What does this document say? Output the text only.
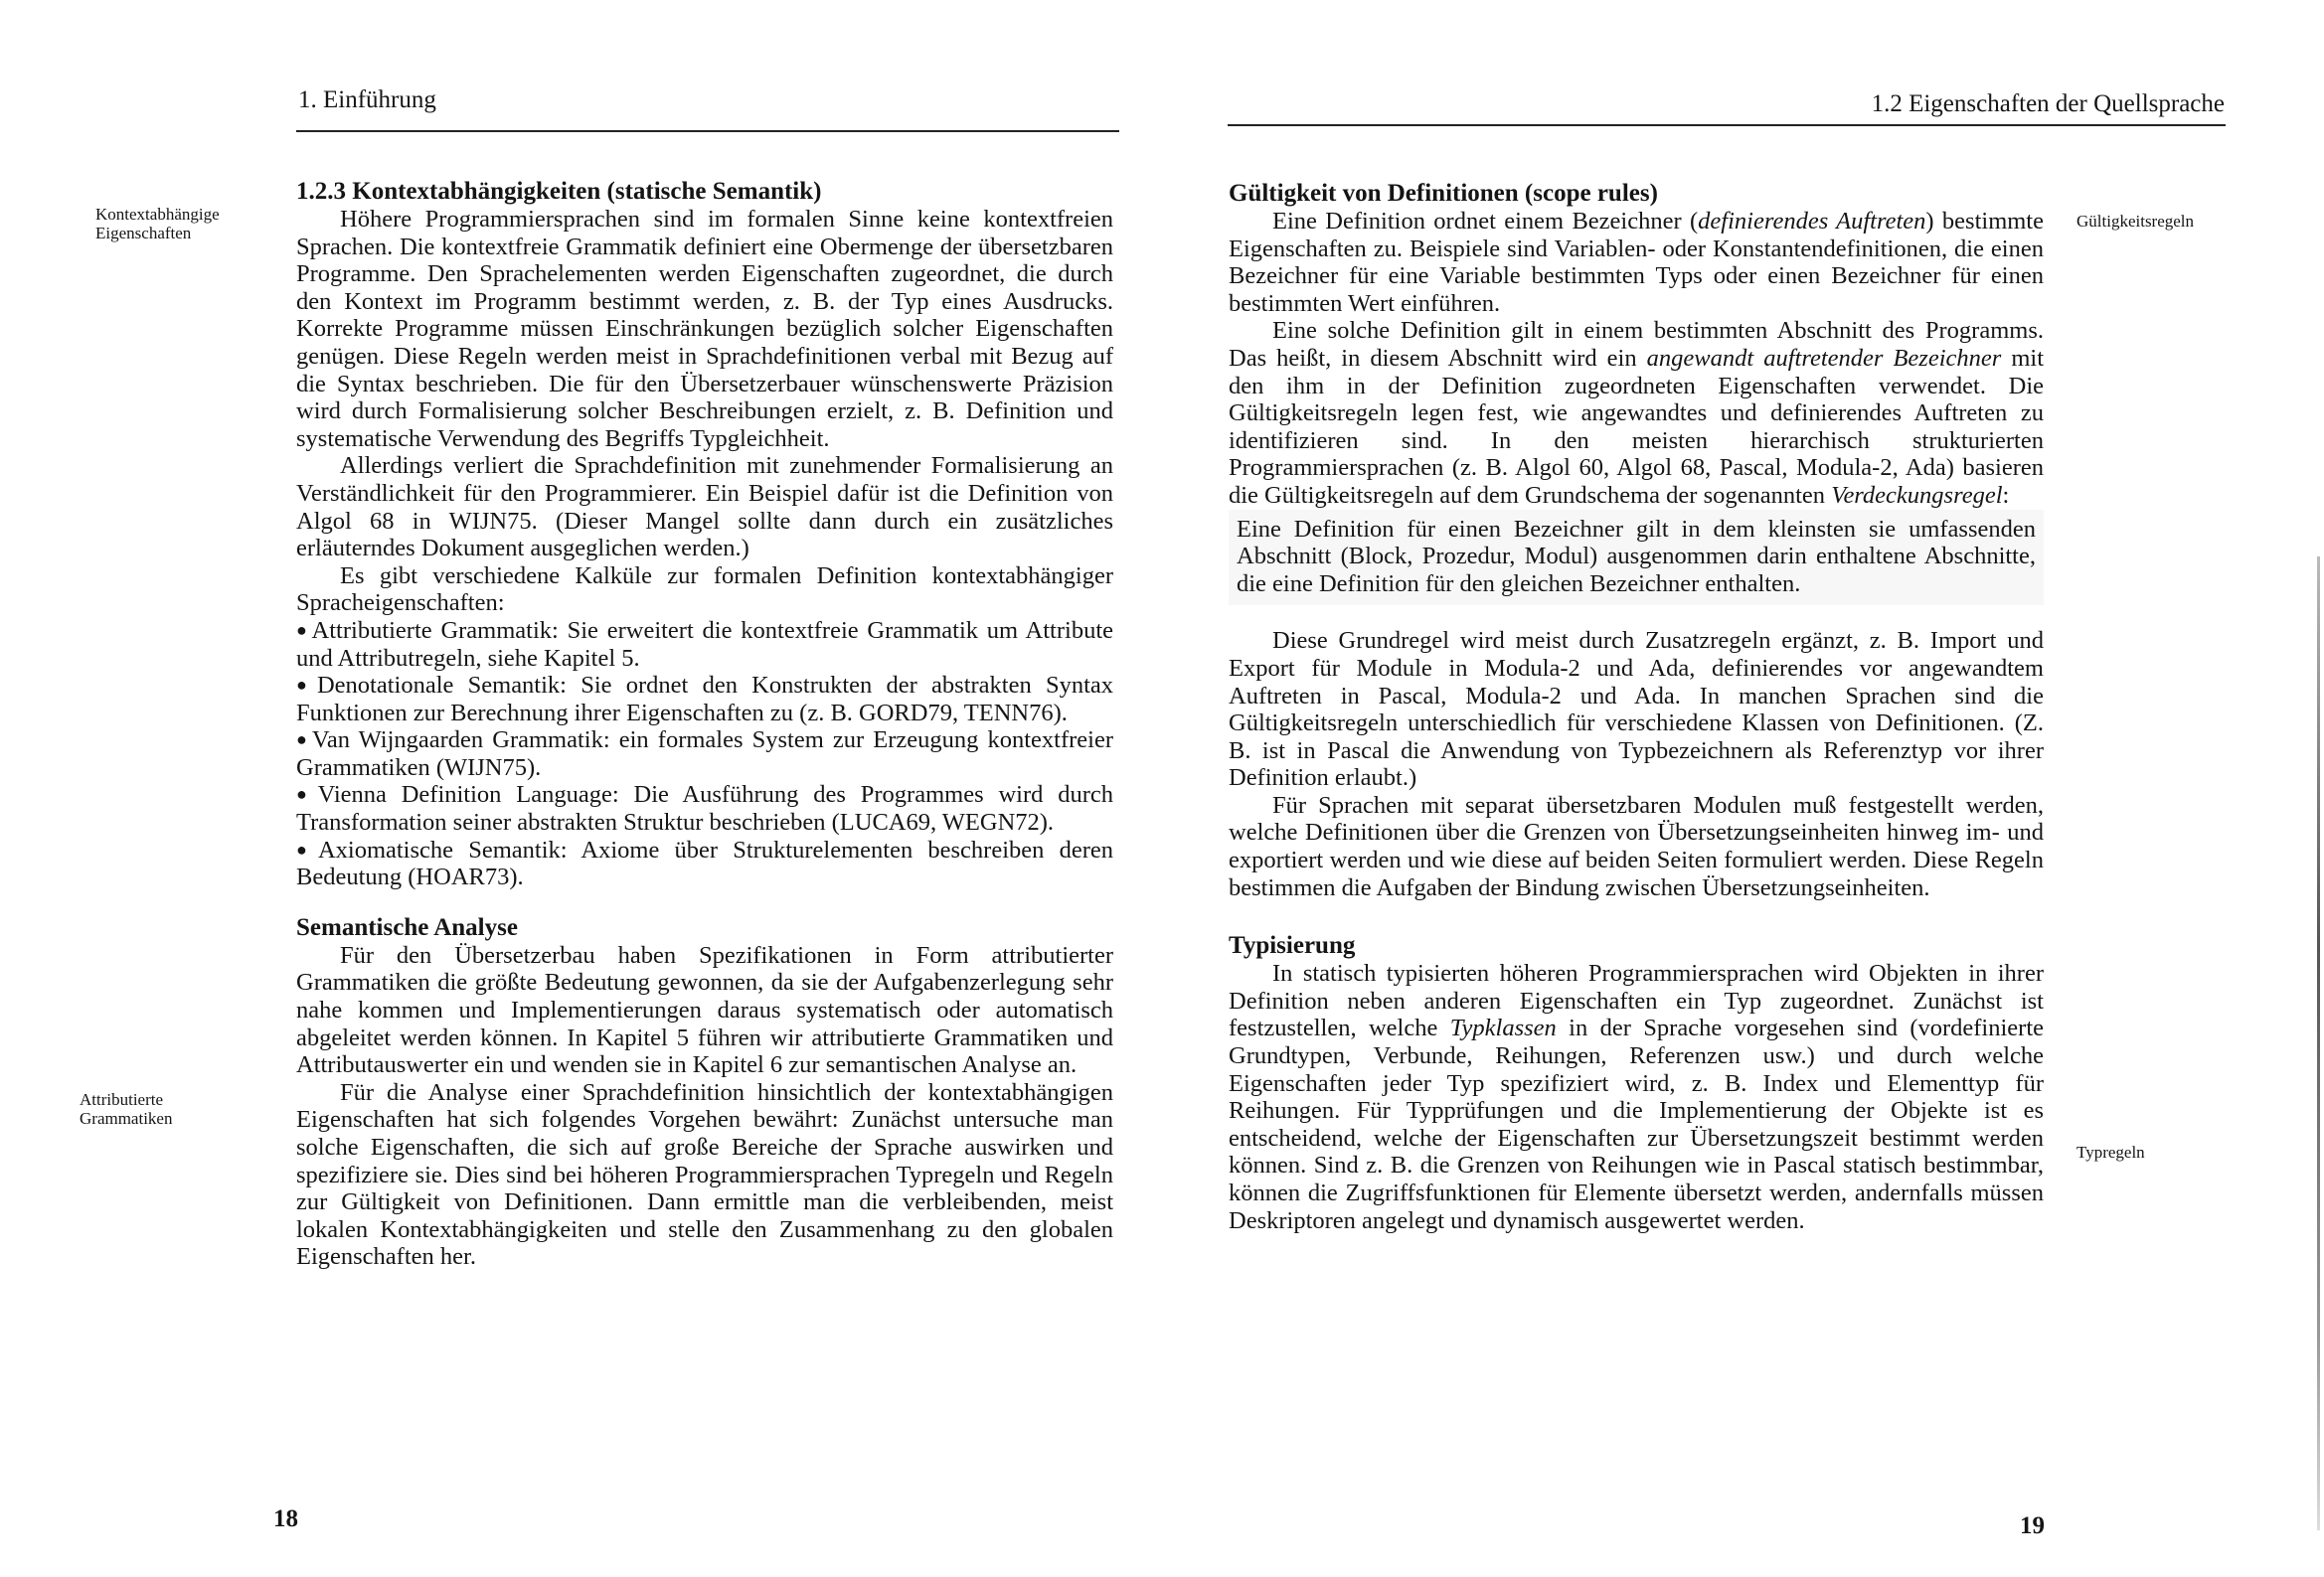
1. Einführung
Kontextabhängige Eigenschaften
Attributierte Grammatiken
1.2.3 Kontextabhängigkeiten (statische Semantik)

Höhere Programmiersprachen sind im formalen Sinne keine kontextfreien Sprachen. Die kontextfreie Grammatik definiert eine Obermenge der übersetzbaren Programme. Den Sprachelementen werden Eigenschaften zugeordnet, die durch den Kontext im Programm bestimmt werden, z. B. der Typ eines Ausdrucks. Korrekte Programme müssen Einschränkungen bezüglich solcher Eigenschaften genügen. Diese Regeln werden meist in Sprachdefinitionen verbal mit Bezug auf die Syntax beschrieben. Die für den Übersetzerbauer wünschenswerte Präzision wird durch Formalisierung solcher Beschreibungen erzielt, z. B. Definition und systematische Verwendung des Begriffs Typgleichheit.

Allerdings verliert die Sprachdefinition mit zunehmender Formalisierung an Verständlichkeit für den Programmierer. Ein Beispiel dafür ist die Definition von Algol 68 in WIJN75. (Dieser Mangel sollte dann durch ein zusätzliches erläuterndes Dokument ausgeglichen werden.)

Es gibt verschiedene Kalküle zur formalen Definition kontextabhängiger Spracheigenschaften:

●Attributierte Grammatik: Sie erweitert die kontextfreie Grammatik um Attribute und Attributregeln, siehe Kapitel 5.

●Denotationale Semantik: Sie ordnet den Konstrukten der abstrakten Syntax Funktionen zur Berechnung ihrer Eigenschaften zu (z. B. GORD79, TENN76).

●Van Wijngaarden Grammatik: ein formales System zur Erzeugung kontextfreier Grammatiken (WIJN75).

●Vienna Definition Language: Die Ausführung des Programmes wird durch Transformation seiner abstrakten Struktur beschrieben (LUCA69, WEGN72).

●Axiomatische Semantik: Axiome über Strukturelementen beschreiben deren Bedeutung (HOAR73).

Semantische Analyse

Für den Übersetzerbau haben Spezifikationen in Form attributierter Grammatiken die größte Bedeutung gewonnen, da sie der Aufgabenzerlegung sehr nahe kommen und Implementierungen daraus systematisch oder automatisch abgeleitet werden können. In Kapitel 5 führen wir attributierte Grammatiken und Attributauswerter ein und wenden sie in Kapitel 6 zur semantischen Analyse an.

Für die Analyse einer Sprachdefinition hinsichtlich der kontextabhängigen Eigenschaften hat sich folgendes Vorgehen bewährt: Zunächst untersuche man solche Eigenschaften, die sich auf große Bereiche der Sprache auswirken und spezifiziere sie. Dies sind bei höheren Programmiersprachen Typregeln und Regeln zur Gültigkeit von Definitionen. Dann ermittle man die verbleibenden, meist lokalen Kontextabhängigkeiten und stelle den Zusammenhang zu den globalen Eigenschaften her.

18
1.2 Eigenschaften der Quellsprache
Gültigkeitsregeln
Typregeln
Gültigkeit von Definitionen (scope rules)

Eine Definition ordnet einem Bezeichner (definierendes Auftreten) bestimmte Eigenschaften zu. Beispiele sind Variablen- oder Konstantendefinitionen, die einen Bezeichner für eine Variable bestimmten Typs oder einen Bezeichner für einen bestimmten Wert einführen.

Eine solche Definition gilt in einem bestimmten Abschnitt des Programms. Das heißt, in diesem Abschnitt wird ein angewandt auftretender Bezeichner mit den ihm in der Definition zugeordneten Eigenschaften verwendet. Die Gültigkeitsregeln legen fest, wie angewandtes und definierendes Auftreten zu identifizieren sind. In den meisten hierarchisch strukturierten Programmiersprachen (z. B. Algol 60, Algol 68, Pascal, Modula-2, Ada) basieren die Gültigkeitsregeln auf dem Grundschema der sogenannten Verdeckungsregel:

Eine Definition für einen Bezeichner gilt in dem kleinsten sie umfassenden Abschnitt (Block, Prozedur, Modul) ausgenommen darin enthaltene Abschnitte, die eine Definition für den gleichen Bezeichner enthalten.

Diese Grundregel wird meist durch Zusatzregeln ergänzt, z. B. Import und Export für Module in Modula-2 und Ada, definierendes vor angewandtem Auftreten in Pascal, Modula-2 und Ada. In manchen Sprachen sind die Gültigkeitsregeln unterschiedlich für verschiedene Klassen von Definitionen. (Z. B. ist in Pascal die Anwendung von Typbezeichnern als Referenztyp vor ihrer Definition erlaubt.)

Für Sprachen mit separat übersetzbaren Modulen muß festgestellt werden, welche Definitionen über die Grenzen von Übersetzungseinheiten hinweg im- und exportiert werden und wie diese auf beiden Seiten formuliert werden. Diese Regeln bestimmen die Aufgaben der Bindung zwischen Übersetzungseinheiten.

Typisierung

In statisch typisierten höheren Programmiersprachen wird Objekten in ihrer Definition neben anderen Eigenschaften ein Typ zugeordnet. Zunächst ist festzustellen, welche Typklassen in der Sprache vorgesehen sind (vordefinierte Grundtypen, Verbunde, Reihungen, Referenzen usw.) und durch welche Eigenschaften jeder Typ spezifiziert wird, z. B. Index und Elementtyp für Reihungen. Für Typprüfungen und die Implementierung der Objekte ist es entscheidend, welche der Eigenschaften zur Übersetzungszeit bestimmt werden können. Sind z. B. die Grenzen von Reihungen wie in Pascal statisch bestimmbar, können die Zugriffsfunktionen für Elemente übersetzt werden, andernfalls müssen Deskriptoren angelegt und dynamisch ausgewertet werden.

19
